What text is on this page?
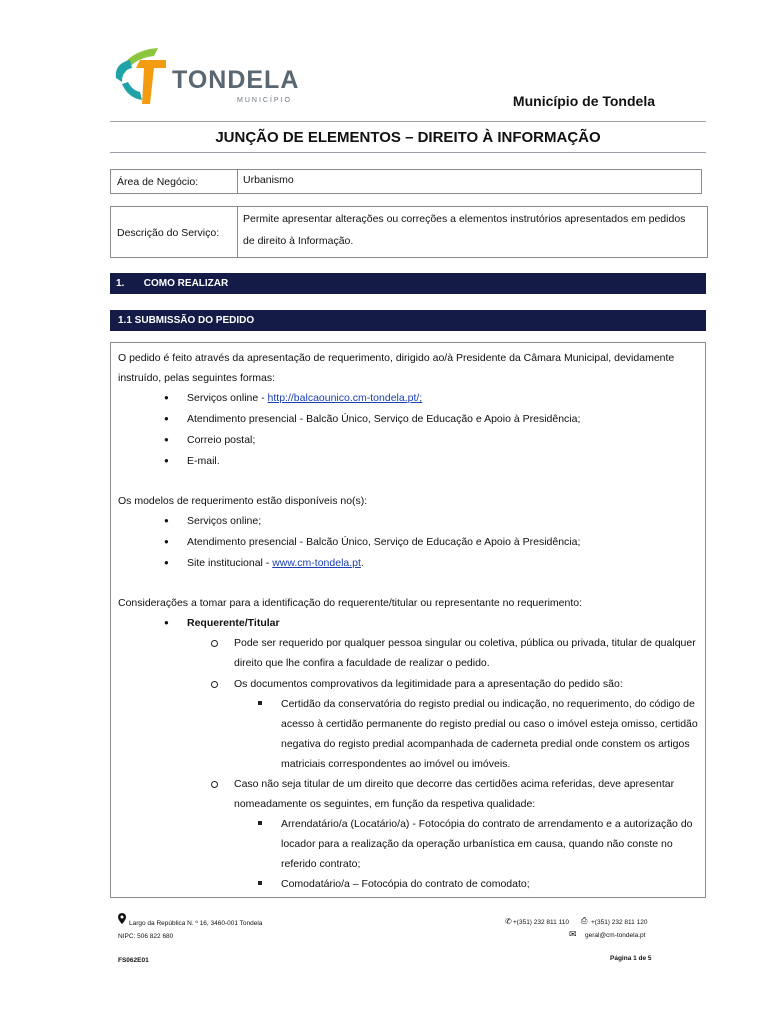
TONDELA
MUNICÍPIO	Município de Tondela
JUNÇÃO DE ELEMENTOS – DIREITO À INFORMAÇÃO
Área de Negócio:	Urbanismo
Descrição do Serviço:
Permite apresentar alterações ou correções a elementos instrutórios apresentados em pedidos
de direito à Informação.
1.       COMO REALIZAR
1.1 SUBMISSÃO DO PEDIDO
O pedido é feito através da apresentação de requerimento, dirigido ao/à Presidente da Câmara Municipal, devidamente
instruído, pelas seguintes formas:
● Serviços online - http://balcaounico.cm-tondela.pt/;
● Atendimento presencial - Balcão Único, Serviço de Educação e Apoio à Presidência;
● Correio postal;
● E-mail.
Os modelos de requerimento estão disponíveis no(s):
● Serviços online;
● Atendimento presencial - Balcão Único, Serviço de Educação e Apoio à Presidência;
● Site institucional - www.cm-tondela.pt.
Considerações a tomar para a identificação do requerente/titular ou representante no requerimento:
● Requerente/Titular
Pode ser requerido por qualquer pessoa singular ou coletiva, pública ou privada, titular de qualquer
direito que lhe confira a faculdade de realizar o pedido.
Os documentos comprovativos da legitimidade para a apresentação do pedido são:
Certidão da conservatória do registo predial ou indicação, no requerimento, do código de
acesso à certidão permanente do registo predial ou caso o imóvel esteja omisso, certidão
negativa do registo predial acompanhada de caderneta predial onde constem os artigos
matriciais correspondentes ao imóvel ou imóveis.
Caso não seja titular de um direito que decorre das certidões acima referidas, deve apresentar
nomeadamente os seguintes, em função da respetiva qualidade:
Arrendatário/a (Locatário/a) - Fotocópia do contrato de arrendamento e a autorização do
locador para a realização da operação urbanística em causa, quando não conste no
referido contrato;
Comodatário/a – Fotocópia do contrato de comodato;
Largo da República N. º 16, 3460-001 Tondela
NIPC: 506 822 680
✆ +(351) 232 811 110 ⎙ +(351) 232 811 120
✉ geral@cm-tondela.pt
FS062E01	Página 1 de 5
